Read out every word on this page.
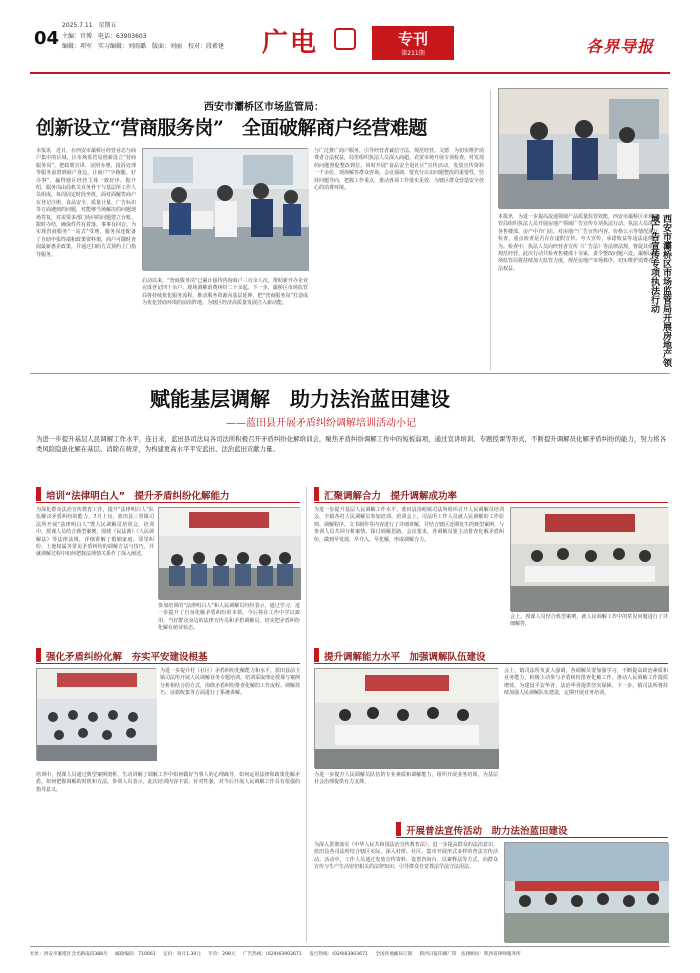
2025.7.11　星期五
04 主编：官博　电话：63903603
编辑：项军　实习编辑：刘雨璐　版面：刘丽　校对：段素建 广电	专刊
第211期	各界导报
西安市灞桥区市场监管局：
创新设立“营商服务岗”　全面破解商户经营难题
本报讯　近日，在西安市灞桥区经营业态与商户集中的区域，区市场监管局创新设立“营商服务岗”，把政策宣讲、证照办理、投诉处理等服务前置到商户身边，让商户“少跑腿、好办事”，赢得辖区经营主体一致好评。据介绍，服务岗由局机关业务骨干与基层所工作人员组成，每周固定时段坐班，面对面解答商户在登记注册、食品安全、质量计量、广告标识等方面遇到的问题，对能够当场解决的问题现场答复，对需要多部门协同的问题建立台账、限时办结，确保件件有着落、事事有回音。为实现营商服务“一站式”受理，服务岗还配备了自助申报终端和政策资料架，商户可随时查阅最新惠企政策，并通过扫码方式预约上门指导服务。
启动以来，“营商服务岗”已累计接待咨询商户三百余人次，帮助新开办企业完成登记四十余户，现场调解消费纠纷二十余起。下一步，灞桥区市场监管局将持续优化服务流程，推动服务资源向基层延伸，把“营商服务岗”打造成为优化营商环境的前沿阵地，为辖区经济高质量发展注入新动能。
与广泛推广商户服务，引导经营者诚信守法、规范经营。文德　为切实维护消费者合法权益，局里组织执法人员深入商超、农贸市场开展专项检查，对发现的问题督促整改到位。同时开展“食品安全进社区”宣传活动，发放宣传资料一千余份，现场解答群众咨询。会议强调，要充分认识问题整改的重要性，坚持问题导向，把握工作重点，推动各项工作落实见效，为辖区群众营造安全放心的消费环境。
本报讯　为进一步提高流通领域产品质量监管效能，西安市灞桥区市场监管局组织执法人员开展房地产领域广告宣传专项执法行动。执法人员深入各售楼部、房产中介门店，对房地产广告宣传内容、价格公示等情况进行检查，重点检查是否存在虚假宣传、夸大宣传、承诺收益等违法违规行为。检查中，执法人员向经营者宣传《广告法》等法律法规，督促其依法规范经营。此次行动共检查售楼部十余家，责令整改问题六处。灞桥区市场监管局将持续加大监管力度，规范房地产市场秩序，切实维护消费者合法权益。	西安市灞桥区市场监管局开展房地产领域广告宣传专项执法行动
赋能基层调解　助力法治蓝田建设
——蓝田县开展矛盾纠纷调解培训活动小记
为进一步提升基层人民调解工作水平，连日来，蓝田县司法局各司法所积极召开矛盾纠纷化解培训会，聚焦矛盾纠纷调解工作中的短板弱项，通过宣讲培训、专题授课等形式，不断提升调解员化解矛盾纠纷的能力，努力将各类风险隐患化解在基层、消除在萌芽，为构建更高水平平安蓝田、法治蓝田贡献力量。
培训“法律明白人”　提升矛盾纠纷化解能力
为深化群众法治宣传教育工作，提升“法律明白人”队伍解决矛盾纠纷的能力，7月上旬，蓝田县三里镇司法所开展“法律明白人”暨人民调解员培训会。培训中，授课人员结合典型案例，围绕《民法典》《人民调解法》等法律法规，详细讲解了婚姻家庭、邻里纠纷、土地权属等常见矛盾纠纷的调解方法与技巧，并就调解过程中如何把握法理情关系作了深入阐述。
参加培训的“法律明白人”和人民调解员纷纷表示，通过学习，进一步提升了自身化解矛盾纠纷的本领，今后将在工作中学以致用，当好群众身边的法律宣传员和矛盾调解员，切实把矛盾纠纷化解在萌芽状态。
强化矛盾纠纷化解　夯实平安建设根基
为进一步提升村（社区）矛盾纠纷化解能力和水平，蓝田县前卫镇司法所开展人民调解业务专题培训。培训采取理论授课与案例分析相结合的方式，围绕矛盾纠纷排查化解的工作流程、调解技巧、证据收集等方面进行了系统讲解。
培训中，授课人员通过典型案例剖析，生动讲解了调解工作中如何做好当事人的心理疏导，如何运用法律和政策化解矛盾，如何把握调解的时机和方法。参训人员表示，此次培训内容丰富、针对性强，对今后开展人民调解工作具有很强的指导意义。
汇聚调解合力　提升调解成功率
为进一步提升基层人民调解工作水平，蓝田县汤峪镇司法所组织召开人民调解员培训会，全镇各村人民调解员参加培训。培训会上，司法所工作人员就人民调解的工作原则、调解程序、文书制作等内容进行了详细讲解，并结合辖区近期发生的典型案例，与参训人员共同分析案情、探讨调解思路。会议要求，各调解员要主动排查化解矛盾纠纷，做到早发现、早介入、早化解，形成调解合力。
会上，授课人员结合典型案例，就人民调解工作中的常见问题进行了详细解答。
提升调解能力水平　加强调解队伍建设
会上，镇司法所负责人强调，各调解员要加强学习，不断提高政治素质和业务能力，积极主动参与矛盾纠纷排查化解工作，推动人民调解工作提质增效，为建设平安华胥、法治华胥提供坚实保障。下一步，镇司法所将持续加强人民调解队伍建设，定期开展业务培训。
为进一步提升人民调解员队伍的专业素质和调解能力，组织开展业务培训，为基层社会治理提供有力支撑。
开展普法宣传活动　助力法治蓝田建设
为深入贯彻落实《中华人民共和国法治宣传教育法》，进一步提高群众的法治意识，蓝田县各司法所结合辖区实际，深入村组、社区、集市开展形式多样的普法宣传活动。活动中，工作人员通过发放宣传资料、设置咨询台、以案释法等方式，向群众宣传与生产生活密切相关的法律知识，引导群众自觉尊法学法守法用法。
社址：西安市雁塔区含光路南段388号 邮政编码：710061 定价：每月1.30元 年价：298元 广告热线：(029)63903671 发行热线：(029)63903671 全国各地邮局订阅 陕西日报印刷厂印　法律顾问：陕西省律师服务所
